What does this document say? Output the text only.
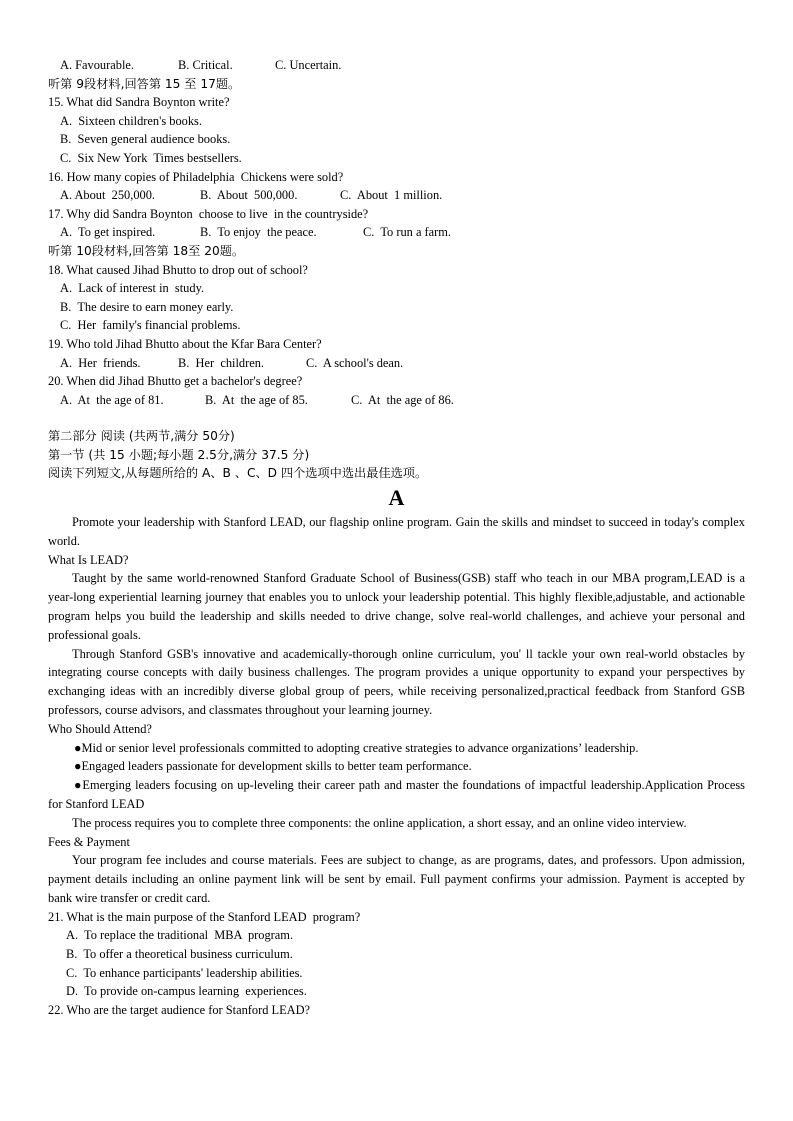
A. Favourable.	B. Critical.	C. Uncertain.

听第 9段材料,回答第 15 至 17题。

15. What did Sandra Boynton write?

A.  Sixteen children's books.

B.  Seven general audience books.

C.  Six New York  Times bestsellers.

16. How many copies of Philadelphia  Chickens were sold?

A. About  250,000.	B.  About  500,000.	C.  About  1 million.

17. Why did Sandra Boynton  choose to live  in the countryside?

A.  To get inspired.	B.  To enjoy  the peace.	C.  To run a farm.

听第 10段材料,回答第 18至 20题。

18. What caused Jihad Bhutto to drop out of school?

A.  Lack of interest in  study.

B.  The desire to earn money early.

C.  Her  family's financial problems.

19. Who told Jihad Bhutto about the Kfar Bara Center?

A.  Her  friends.	B.  Her  children.	C.  A school's dean.

20. When did Jihad Bhutto get a bachelor's degree?

A.  At  the age of 81.	B.  At  the age of 85.	C.  At  the age of 86.

第二部分 阅读 (共两节,满分 50分)

第一节 (共 15 小题;每小题 2.5分,满分 37.5 分)

阅读下列短文,从每题所给的 A、B 、C、D 四个选项中选出最佳选项。

A

Promote your leadership with Stanford LEAD, our flagship online program. Gain the skills and mindset to succeed in today's complex world.

What Is LEAD?

Taught by the same world-renowned Stanford Graduate School of Business(GSB) staff who teach in our MBA program,LEAD is a year-long experiential learning journey that enables you to unlock your leadership potential. This highly flexible,adjustable, and actionable program helps you build the leadership and skills needed to drive change, solve real-world challenges, and achieve your personal and professional goals.

Through Stanford GSB's innovative and academically-thorough online curriculum, you' ll tackle your own real-world obstacles by integrating course concepts with daily business challenges. The program provides a unique opportunity to expand your perspectives by exchanging ideas with an incredibly diverse global group of peers, while receiving personalized,practical feedback from Stanford GSB professors, course advisors, and classmates throughout your learning journey.

Who Should Attend?

●Mid or senior level professionals committed to adopting creative strategies to advance organizations’ leadership.

●Engaged leaders passionate for development skills to better team performance.

●Emerging leaders focusing on up-leveling their career path and master the foundations of impactful leadership.Application Process for Stanford LEAD

The process requires you to complete three components: the online application, a short essay, and an online video interview.

Fees & Payment

Your program fee includes and course materials. Fees are subject to change, as are programs, dates, and professors. Upon admission, payment details including an online payment link will be sent by email. Full payment confirms your admission. Payment is accepted by bank wire transfer or credit card.

21. What is the main purpose of the Stanford LEAD  program?

A.  To replace the traditional  MBA  program.

B.  To offer a theoretical business curriculum.

C.  To enhance participants' leadership abilities.

D.  To provide on-campus learning  experiences.

22. Who are the target audience for Stanford LEAD?
